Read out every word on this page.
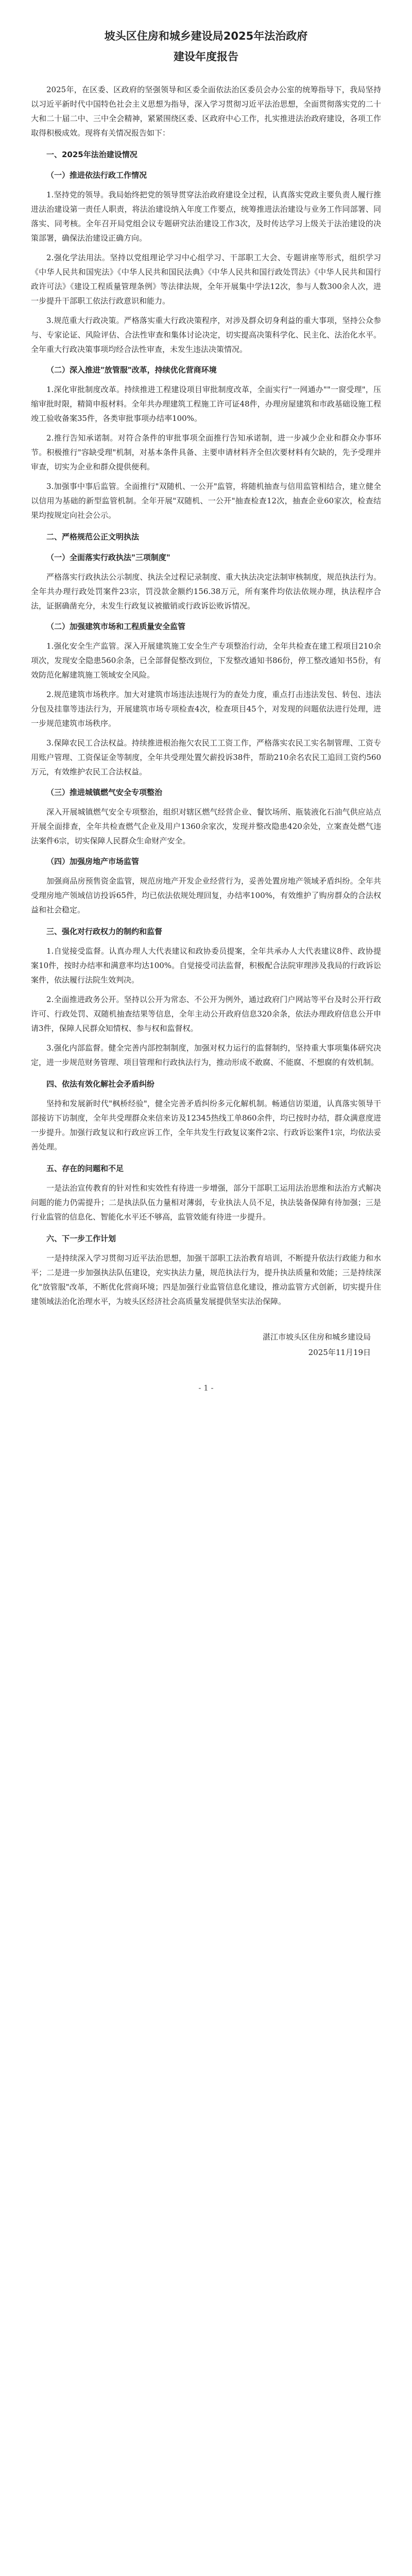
坡头区住房和城乡建设局2025年法治政府
建设年度报告

2025年，在区委、区政府的坚强领导和区委全面依法治区委员会办公室的统筹指导下，我局坚持以习近平新时代中国特色社会主义思想为指导，深入学习贯彻习近平法治思想，全面贯彻落实党的二十大和二十届二中、三中全会精神，紧紧围绕区委、区政府中心工作，扎实推进法治政府建设，各项工作取得积极成效。现将有关情况报告如下：

一、2025年法治建设情况
（一）推进依法行政工作情况

1.坚持党的领导。我局始终把党的领导贯穿法治政府建设全过程，认真落实党政主要负责人履行推进法治建设第一责任人职责，将法治建设纳入年度工作要点，统筹推进法治建设与业务工作同部署、同落实、同考核。全年召开局党组会议专题研究法治建设工作3次，及时传达学习上级关于法治建设的决策部署，确保法治建设正确方向。

2.强化学法用法。坚持以党组理论学习中心组学习、干部职工大会、专题讲座等形式，组织学习《中华人民共和国宪法》《中华人民共和国民法典》《中华人民共和国行政处罚法》《中华人民共和国行政许可法》《建设工程质量管理条例》等法律法规，全年开展集中学法12次，参与人数300余人次，进一步提升干部职工依法行政意识和能力。

3.规范重大行政决策。严格落实重大行政决策程序，对涉及群众切身利益的重大事项，坚持公众参与、专家论证、风险评估、合法性审查和集体讨论决定，切实提高决策科学化、民主化、法治化水平。全年重大行政决策事项均经合法性审查，未发生违法决策情况。

（二）深入推进"放管服"改革，持续优化营商环境

1.深化审批制度改革。持续推进工程建设项目审批制度改革，全面实行"一网通办""一窗受理"，压缩审批时限，精简申报材料。全年共办理建筑工程施工许可证48件，办理房屋建筑和市政基础设施工程竣工验收备案35件，各类审批事项办结率100%。

2.推行告知承诺制。对符合条件的审批事项全面推行告知承诺制，进一步减少企业和群众办事环节。积极推行"容缺受理"机制，对基本条件具备、主要申请材料齐全但次要材料有欠缺的，先予受理并审查，切实为企业和群众提供便利。

3.加强事中事后监管。全面推行"双随机、一公开"监管，将随机抽查与信用监管相结合，建立健全以信用为基础的新型监管机制。全年开展"双随机、一公开"抽查检查12次，抽查企业60家次，检查结果均按规定向社会公示。

二、严格规范公正文明执法
（一）全面落实行政执法"三项制度"

严格落实行政执法公示制度、执法全过程记录制度、重大执法决定法制审核制度，规范执法行为。全年共办理行政处罚案件23宗，罚没款金额约156.38万元，所有案件均依法依规办理，执法程序合法，证据确凿充分，未发生行政复议被撤销或行政诉讼败诉情况。

（二）加强建筑市场和工程质量安全监管

1.强化安全生产监管。深入开展建筑施工安全生产专项整治行动，全年共检查在建工程项目210余项次，发现安全隐患560余条，已全部督促整改到位，下发整改通知书86份，停工整改通知书5份，有效防范化解建筑施工领域安全风险。

2.规范建筑市场秩序。加大对建筑市场违法违规行为的查处力度，重点打击违法发包、转包、违法分包及挂靠等违法行为，开展建筑市场专项检查4次，检查项目45个，对发现的问题依法进行处理，进一步规范建筑市场秩序。

3.保障农民工合法权益。持续推进根治拖欠农民工工资工作，严格落实农民工实名制管理、工资专用账户管理、工资保证金等制度，全年共受理处置欠薪投诉38件，帮助210余名农民工追回工资约560万元，有效维护农民工合法权益。

（三）推进城镇燃气安全专项整治

深入开展城镇燃气安全专项整治，组织对辖区燃气经营企业、餐饮场所、瓶装液化石油气供应站点开展全面排查，全年共检查燃气企业及用户1360余家次，发现并整改隐患420余处，立案查处燃气违法案件6宗，切实保障人民群众生命财产安全。

（四）加强房地产市场监管

加强商品房预售资金监管，规范房地产开发企业经营行为，妥善处置房地产领域矛盾纠纷。全年共受理房地产领域信访投诉65件，均已依法依规处理回复，办结率100%，有效维护了购房群众的合法权益和社会稳定。

三、强化对行政权力的制约和监督

1.自觉接受监督。认真办理人大代表建议和政协委员提案，全年共承办人大代表建议8件、政协提案10件，按时办结率和满意率均达100%。自觉接受司法监督，积极配合法院审理涉及我局的行政诉讼案件，依法履行法院生效判决。

2.全面推进政务公开。坚持以公开为常态、不公开为例外，通过政府门户网站等平台及时公开行政许可、行政处罚、双随机抽查结果等信息，全年主动公开政府信息320余条，依法办理政府信息公开申请3件，保障人民群众知情权、参与权和监督权。

3.强化内部监督。健全完善内部控制制度，加强对权力运行的监督制约，坚持重大事项集体研究决定，进一步规范财务管理、项目管理和行政执法行为，推动形成不敢腐、不能腐、不想腐的有效机制。

四、依法有效化解社会矛盾纠纷

坚持和发展新时代"枫桥经验"，健全完善矛盾纠纷多元化解机制。畅通信访渠道，认真落实领导干部接访下访制度，全年共受理群众来信来访及12345热线工单860余件，均已按时办结，群众满意度进一步提升。加强行政复议和行政应诉工作，全年共发生行政复议案件2宗、行政诉讼案件1宗，均依法妥善处理。

五、存在的问题和不足

一是法治宣传教育的针对性和实效性有待进一步增强，部分干部职工运用法治思维和法治方式解决问题的能力仍需提升；二是执法队伍力量相对薄弱，专业执法人员不足，执法装备保障有待加强；三是行业监管的信息化、智能化水平还不够高，监管效能有待进一步提升。

六、下一步工作计划

一是持续深入学习贯彻习近平法治思想，加强干部职工法治教育培训，不断提升依法行政能力和水平；二是进一步加强执法队伍建设，充实执法力量，规范执法行为，提升执法质量和效能；三是持续深化"放管服"改革，不断优化营商环境；四是加强行业监管信息化建设，推动监管方式创新，切实提升住建领域法治化治理水平，为坡头区经济社会高质量发展提供坚实法治保障。

湛江市坡头区住房和城乡建设局
2025年11月19日
- 1 -
